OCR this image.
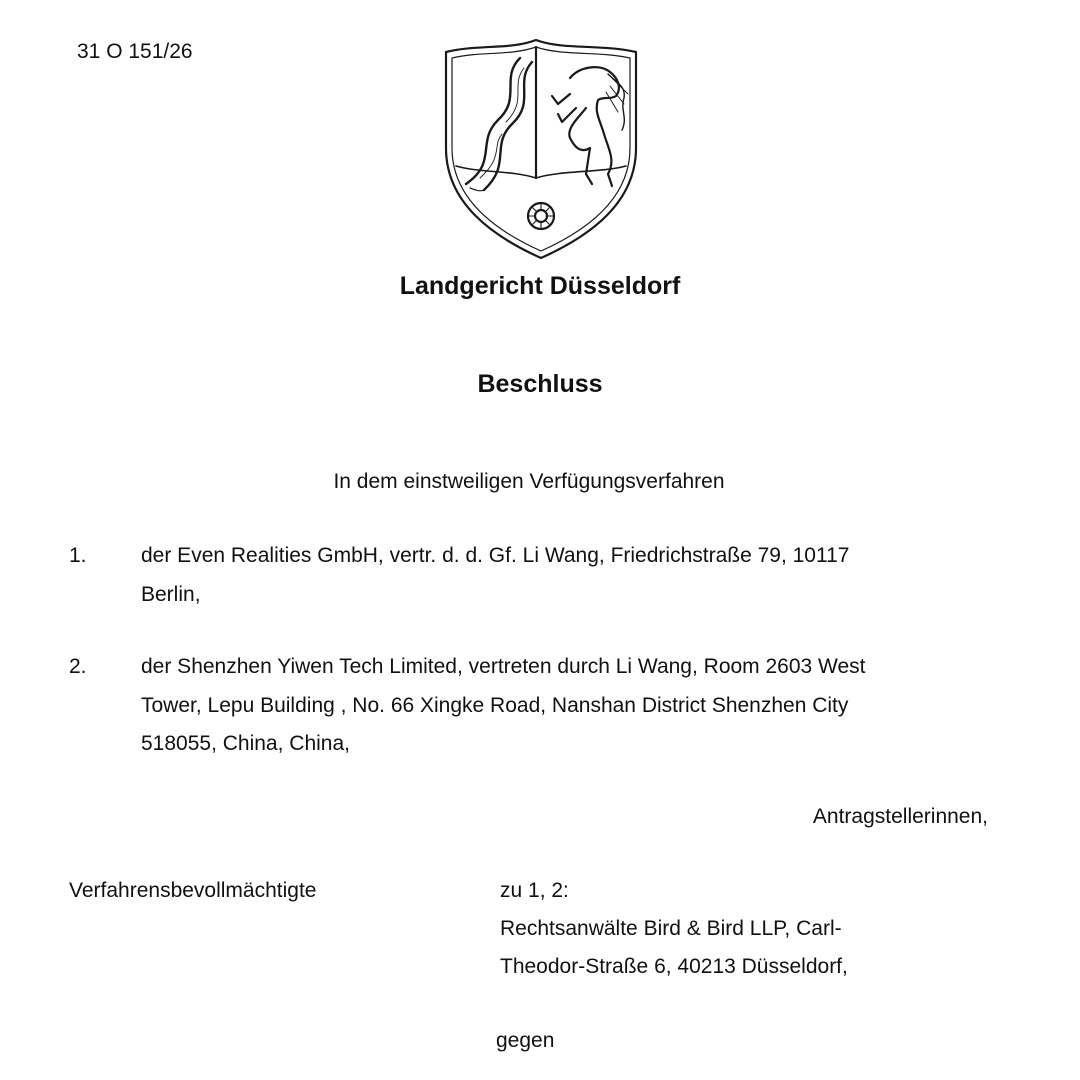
31 O 151/26
Landgericht Düsseldorf
Beschluss
In dem einstweiligen Verfügungsverfahren
1.	der Even Realities GmbH, vertr. d. d. Gf. Li Wang, Friedrichstraße 79, 10117
Berlin,
2.	der Shenzhen Yiwen Tech Limited, vertreten durch Li Wang, Room 2603 West
Tower, Lepu Building , No. 66 Xingke Road, Nanshan District Shenzhen City
518055, China, China,
Antragstellerinnen,
Verfahrensbevollmächtigte	zu 1, 2:
Rechtsanwälte Bird & Bird LLP, Carl-
Theodor-Straße 6, 40213 Düsseldorf,
gegen
